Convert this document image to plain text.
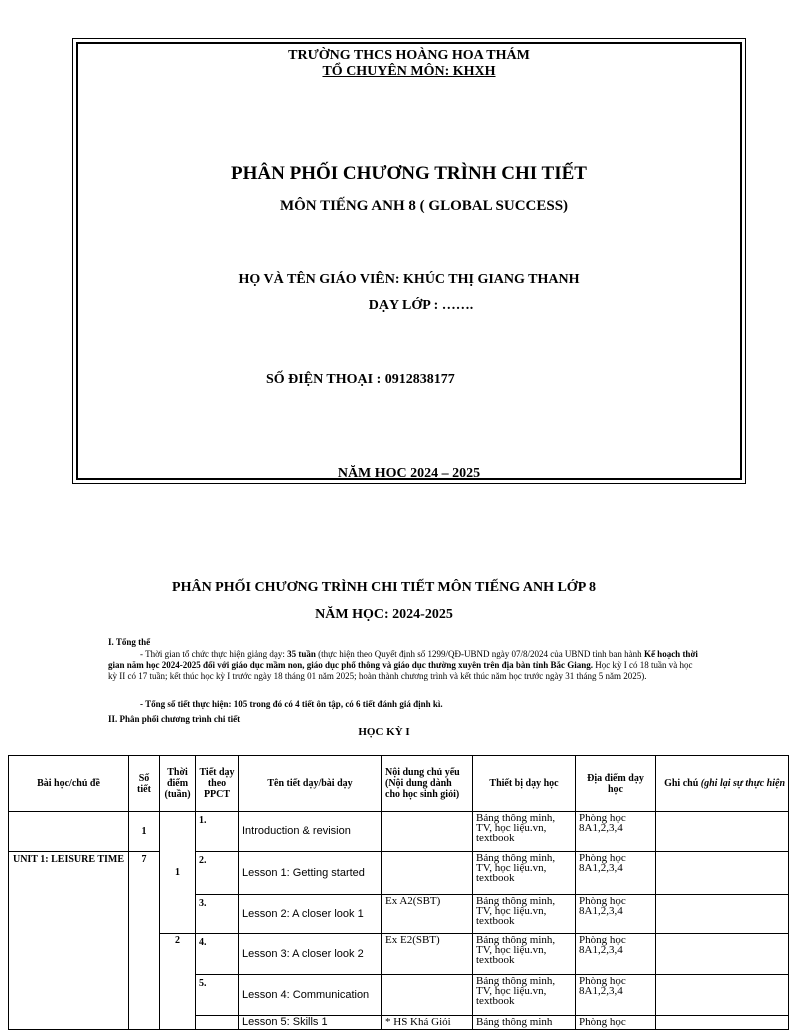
TRƯỜNG THCS HOÀNG HOA THÁM
TỔ CHUYÊN MÔN: KHXH
PHÂN PHỐI CHƯƠNG TRÌNH CHI TIẾT
MÔN TIẾNG ANH 8 ( GLOBAL SUCCESS)
HỌ VÀ TÊN GIÁO VIÊN: KHÚC THỊ GIANG THANH
DẠY LỚP : …….
SỐ ĐIỆN THOẠI : 0912838177
NĂM HỌC 2024 – 2025
PHÂN PHỐI CHƯƠNG TRÌNH CHI TIẾT MÔN TIẾNG ANH LỚP 8
NĂM HỌC: 2024-2025
I. Tổng thể
- Thời gian tổ chức thực hiện giảng dạy: 35 tuần (thực hiện theo Quyết định số 1299/QĐ-UBND ngày 07/8/2024 của UBND tỉnh ban hành Kế hoạch thời gian năm học 2024-2025 đối với giáo dục mầm non, giáo dục phổ thông và giáo dục thường xuyên trên địa bàn tỉnh Bắc Giang. Học kỳ I có 18 tuần và học kỳ II có 17 tuần; kết thúc học kỳ I trước ngày 18 tháng 01 năm 2025; hoàn thành chương trình và kết thúc năm học trước ngày 31 tháng 5 năm 2025).
- Tổng số tiết thực hiện: 105 trong đó có 4 tiết ôn tập, có 6 tiết đánh giá định kì.
II. Phân phối chương trình chi tiết
HỌC KỲ I
Bài học/chủ đề	Số tiết	Thời điểm (tuần)	Tiết dạy theo PPCT	Tên tiết dạy/bài dạy	Nội dung chủ yếu (Nội dung dành cho học sinh giỏi)	Thiết bị dạy học	Địa điểm dạy học	Ghi chú (ghi lại sự thực hiện
	1	1	1.	Introduction & revision		Bảng thông minh, TV, học liệu.vn, textbook	Phòng học 8A1,2,3,4	
UNIT 1: LEISURE TIME	7		2.	Lesson 1: Getting started		Bảng thông minh, TV, học liệu.vn, textbook	Phòng học 8A1,2,3,4	
			3.	Lesson 2: A closer look 1	Ex A2(SBT)	Bảng thông minh, TV, học liệu.vn, textbook	Phòng học 8A1,2,3,4	
		2	4.	Lesson 3: A closer look 2	Ex E2(SBT)	Bảng thông minh, TV, học liệu.vn, textbook	Phòng học 8A1,2,3,4	
			5.	Lesson 4: Communication		Bảng thông minh, TV, học liệu.vn, textbook	Phòng học 8A1,2,3,4	
				Lesson 5: Skills 1	* HS Khá Giỏi	Bảng thông minh	Phòng học	
